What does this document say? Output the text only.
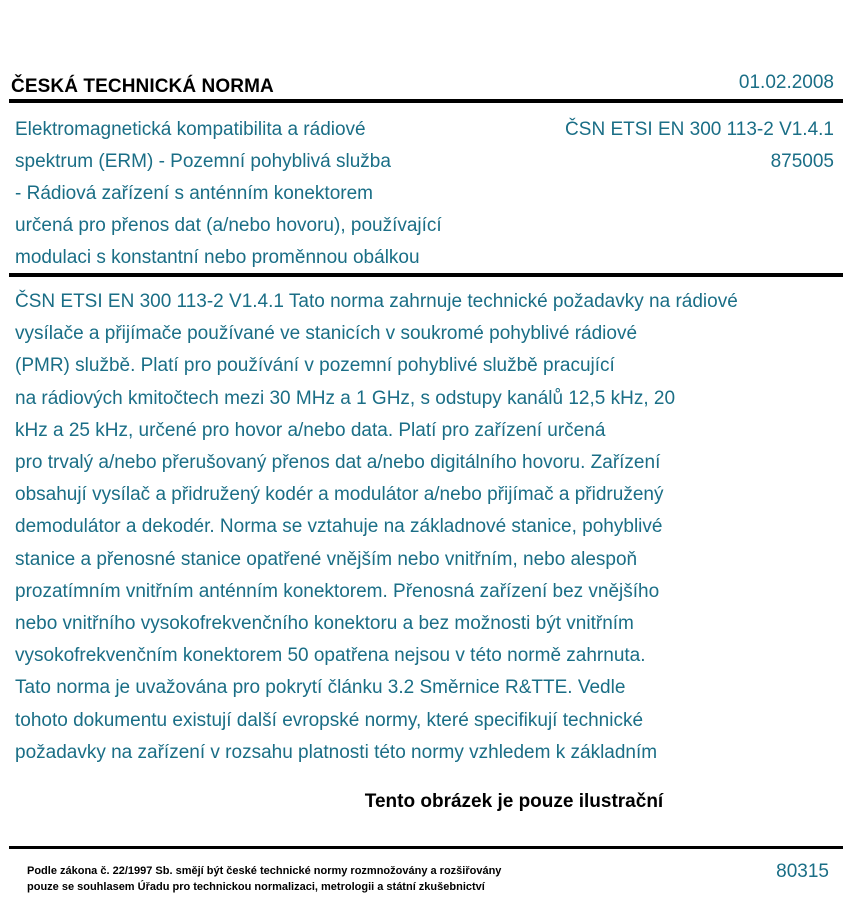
ČESKÁ TECHNICKÁ NORMA	01.02.2008
Elektromagnetická kompatibilita a rádiové
spektrum (ERM) - Pozemní pohyblivá služba
- Rádiová zařízení s anténním konektorem
určená pro přenos dat (a/nebo hovoru), používající
modulaci s konstantní nebo proměnnou obálkou
ČSN ETSI EN 300 113-2 V1.4.1
875005
ČSN ETSI EN 300 113-2 V1.4.1 Tato norma zahrnuje technické požadavky na rádiové
vysílače a přijímače používané ve stanicích v soukromé pohyblivé rádiové
(PMR) službě. Platí pro používání v pozemní pohyblivé službě pracující
na rádiových kmitočtech mezi 30 MHz a 1 GHz, s odstupy kanálů 12,5 kHz, 20
kHz a 25 kHz, určené pro hovor a/nebo data. Platí pro zařízení určená
pro trvalý a/nebo přerušovaný přenos dat a/nebo digitálního hovoru. Zařízení
obsahují vysílač a přidružený kodér a modulátor a/nebo přijímač a přidružený
demodulátor a dekodér. Norma se vztahuje na základnové stanice, pohyblivé
stanice a přenosné stanice opatřené vnějším nebo vnitřním, nebo alespoň
prozatímním vnitřním anténním konektorem. Přenosná zařízení bez vnějšího
nebo vnitřního vysokofrekvenčního konektoru a bez možnosti být vnitřním
vysokofrekvenčním konektorem 50 opatřena nejsou v této normě zahrnuta.
Tato norma je uvažována pro pokrytí článku 3.2 Směrnice R&TTE. Vedle
tohoto dokumentu existují další evropské normy, které specifikují technické
požadavky na zařízení v rozsahu platnosti této normy vzhledem k základním
Tento obrázek je pouze ilustrační
Podle zákona č. 22/1997 Sb. smějí být české technické normy rozmnožovány a rozšiřovány
pouze se souhlasem Úřadu pro technickou normalizaci, metrologii a státní zkušebnictví
80315
